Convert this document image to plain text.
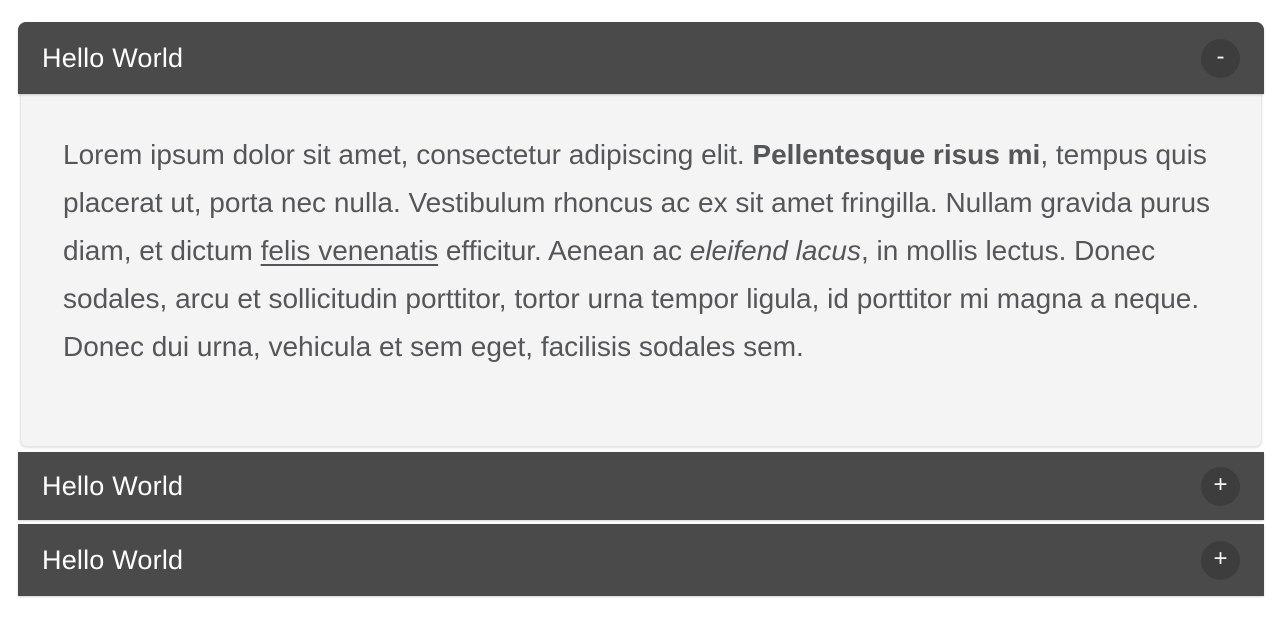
Hello World	-

Lorem ipsum dolor sit amet, consectetur adipiscing elit. Pellentesque risus mi, tempus quis placerat ut, porta nec nulla. Vestibulum rhoncus ac ex sit amet fringilla. Nullam gravida purus diam, et dictum felis venenatis efficitur. Aenean ac eleifend lacus, in mollis lectus. Donec sodales, arcu et sollicitudin porttitor, tortor urna tempor ligula, id porttitor mi magna a neque. Donec dui urna, vehicula et sem eget, facilisis sodales sem.

Hello World	+
Hello World	+
